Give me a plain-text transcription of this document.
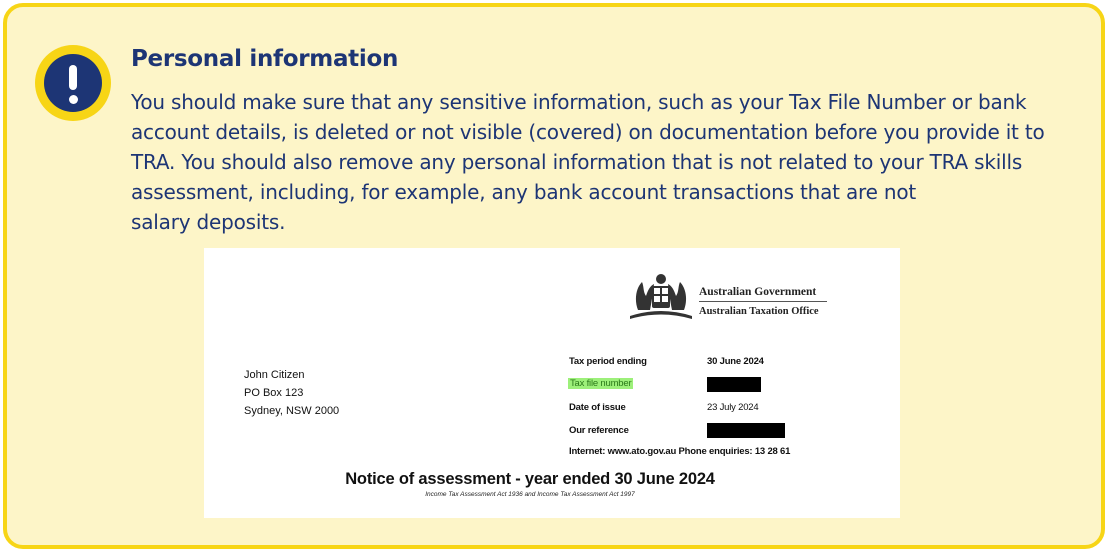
Personal information
You should make sure that any sensitive information, such as your Tax File Number or bank
account details, is deleted or not visible (covered) on documentation before you provide it to
TRA. You should also remove any personal information that is not related to your TRA skills
assessment, including, for example, any bank account transactions that are not
salary deposits.
Australian Government
Australian Taxation Office
John Citizen
PO Box 123
Sydney, NSW 2000
Tax period ending	30 June 2024
Tax file number
Date of issue	23 July 2024
Our reference
Internet: www.ato.gov.au Phone enquiries: 13 28 61
Notice of assessment - year ended 30 June 2024
Income Tax Assessment Act 1936 and Income Tax Assessment Act 1997
